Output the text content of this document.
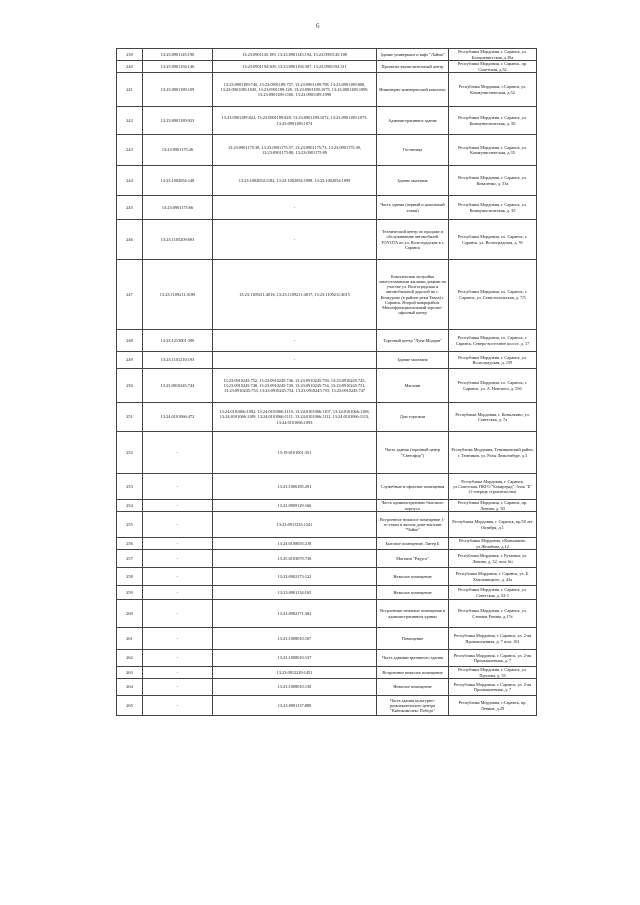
6
239	13:23:0901145:190	13:23:0901145:189, 13:23:0901145:194, 13:23:0901145:188	Здание универмага и кафе "Лайма"	Республика Мордовия, г. Саранск, ул. Большевистская, д.39а
240	13:23:0901194:146	13:23:0901194:309, 13:23:0901194:307, 13:23:0901194:311	Проектно-вычислительный центр	Республика Мордовия, г. Саранск, пр. Советская, д.52
241	13:23:0901189:109	13:23:0901189:740, 13:23:0901189:757, 13:23:0901189:798, 13:23:0901189:800, 13:23:0901189:1045, 13:23:0901189:128, 13:23:0901189:1075, 13:23:0901189:1099, 13:23:0901189:1100, 13:23:0901189:1098	Инженерно-коммерческий комплекс	Республика Мордовия, г.Саранск, ул. Коммунистическая, д.52
242	13:23:0901189:923	13:23:0901189:824, 13:23:0901189:828, 13:23:0901189:1072, 13:23:0901189:1073, 13:23:0901189:1074	Административное здание	Республика Мордовия, г. Саранск, ул. Коммунистическая, д. 50
243	13:23:0901175:26	13:23:0901175:38, 13:23:0901175:57, 13:23:0901175:73, 13:23:0901175:39, 13:23:0901175:88, 13:23:0901175:89	Гостиница	Республика Мордовия, г. Саранск, ул. Коммунистическая, д.35
244	13:23:1002054:148	13:23:1002054:1182, 13:23:1002054:1098, 13:23:1002054:1099	Здание магазина	Республика Мордовия, г. Саранск, ул. Коваленко, д. 53а
245	13:23:0901175:66	-	Часть здания (первый и цокольный этажи)	Республика Мордовия, г. Саранск, ул. Коммунистическая, д. 35
246	13:23:1105209:693	-	Технический центр по продаже и обслуживанию автомобилей TOYOTA по ул. Волгоградская в г. Саранск	Республика Мордовия, г.о. Саранск, г. Саранск, ул. Волгоградская, д. 91
247	13:23:1109211:3189	13:23:1109211:4016, 13:23:1109211:4017, 13:23:1109211:4015	Комплексная застройка многоэтажными жилыми домами на участке ул. Волгоградская и автомобильной дорогой на с. Кочкурово (в районе реки Тавла) г. Саранск. Второй микрорайон. Многофункциональный торгово-офисный центр	Республика Мордовия, г.о. Саранск, г. Саранск, ул. Севастопольская, д. 7/5
248	13:23:1215001:390	-	Торговый центр "Луна Модерн"	Республика Мордовия, г.о. Саранск, г. Саранск, Северо-восточное шоссе, д. 17
249	13:23:1101210:193	-	Здание магазина	Республика Мордовия, г. Саранск, ул. Волгоградская, д. 159
250	13:23:0910245:744	13:23:0910245:752, 13:23:0910245:746, 13:23:0910245:750, 13:23:0910245:745, 13:23:0910245:748, 13:23:0910245:749, 13:23:0910245:754, 13:23:0910245:751, 13:23:0910245:753, 13:23:0910245:754, 13:23:0910245:755, 13:23:0910245:747	Магазин	Республика Мордовия, г.о. Саранск, г. Саранск, ул. А. Невского, д. 55б
251	13:24:0101066:472	13:24:0101066:1092, 13:24:0101066:1110, 13:24:0101066:1107, 13:24:0101066:1108, 13:24:0101066:1109, 13:24:0101066:1111, 13:24:0101066:1112, 13:24:0101066:1113, 13:24:0101066:1093	Дом торговли	Республика Мордовия, г. Ковылкино, ул. Советская, д. 7а
252	-	13:19:0101001:351	Часть здания (торговый центр "Светофор")	Республика Мордовия, Темниковский район, г. Темников, ул. Розы Люксембург, д.3
253	-	13:23:1006185:291	Служебные и офисные помещения	Республика Мордовия, г. Саранск, ул.Советская, ПКГО "Бомарград", блок "Б" (1-очередь строительства)
254	-	13:23:0909129:166	Часть административно-бытового корпуса	Республика Мордовия, г. Саранск, пр. Ленина, д. 50
255	-	13:23:0911235:1541	Встроенное нежилое помещение 1-го этажа в жилом доме-магазин "Чайка"	Республика Мордовия, г. Саранск, пр.50 лет Октября, д.1
256	-	13:24:0108055:218	Бытовое помещение, Литер Б	Республика Мордовия, г.Ковылкино, ул.Желябова, д.12
257	-	13:25:0103079:736	Магазин "Радуга"	Республика Мордовия, г. Рузаевка, ул. Ленина, д. 32, пом. 6ti
258	-	13:23:0902173:122	Нежилое помещение	Республика Мордовия, г. Саранск, ул. Б. Хмельницкого, д. 42а
259	-	13:23:0901134:165	Нежилое помещение	Республика Мордовия, г. Саранск, ул. Советская, д. 52-1
260	-	13:23:0902171:382	Встроенные нежилые помещения в административном здании	Республика Мордовия, г. Саранск, ул. Степана Разина, д.17а
261	-	13:23:1008010:167	Помещение	Республика Мордовия, г. Саранск, ул. 2-ая Промышленная, д. 7 пом. 101
262	-	13:23:1008010:137	Часть административного здания	Республика Мордовия, г. Саранск, ул. 2-ая Промышленная, д. 7
263	-	13:23:0912229:1451	Встроенное нежилое помещение	Республика Мордовия, г. Саранск, ул. Пролова, д. 53
264	-	13:23:1008010:130	Нежилое помещение	Республика Мордовия, г. Саранск, ул. 2-ая Промышленная, д. 7
265	-	13:23:0901137:880	Часть здания культурно-развлекательного центра "Кинокомплекс Победа"	Республика Мордовия, г.Саранск, пр. Ленина, д.29
